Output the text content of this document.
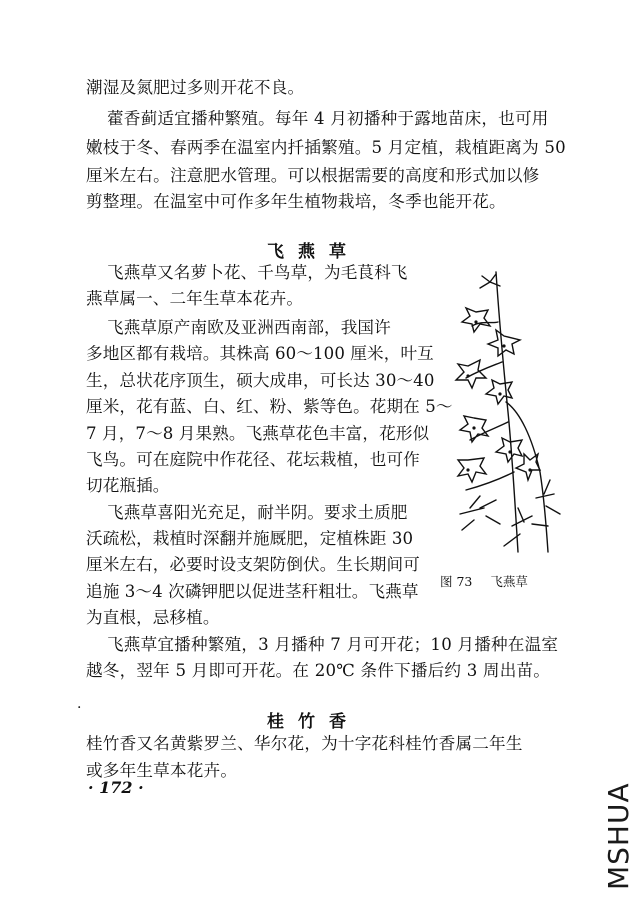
潮湿及氮肥过多则开花不良。
藿香蓟适宜播种繁殖。每年 4 月初播种于露地苗床，也可用
嫩枝于冬、春两季在温室内扦插繁殖。5 月定植，栽植距离为 50
厘米左右。注意肥水管理。可以根据需要的高度和形式加以修
剪整理。在温室中可作多年生植物栽培，冬季也能开花。
飞燕草
飞燕草又名萝卜花、千鸟草，为毛茛科飞
燕草属一、二年生草本花卉。
飞燕草原产南欧及亚洲西南部，我国许
多地区都有栽培。其株高 60～100 厘米，叶互
生，总状花序顶生，硕大成串，可长达 30～40
厘米，花有蓝、白、红、粉、紫等色。花期在 5～
7 月，7～8 月果熟。飞燕草花色丰富，花形似
飞鸟。可在庭院中作花径、花坛栽植，也可作
切花瓶插。
飞燕草喜阳光充足，耐半阴。要求土质肥
沃疏松，栽植时深翻并施厩肥，定植株距 30
厘米左右，必要时设支架防倒伏。生长期间可
追施 3～4 次磷钾肥以促进茎秆粗壮。飞燕草
为直根，忌移植。
飞燕草宜播种繁殖，3 月播种 7 月可开花；10 月播种在温室
越冬，翌年 5 月即可开花。在 20℃ 条件下播后约 3 周出苗。
图 73 飞燕草
·
桂竹香
桂竹香又名黄紫罗兰、华尔花，为十字花科桂竹香属二年生
或多年生草本花卉。
· 172 ·	MSHUA
